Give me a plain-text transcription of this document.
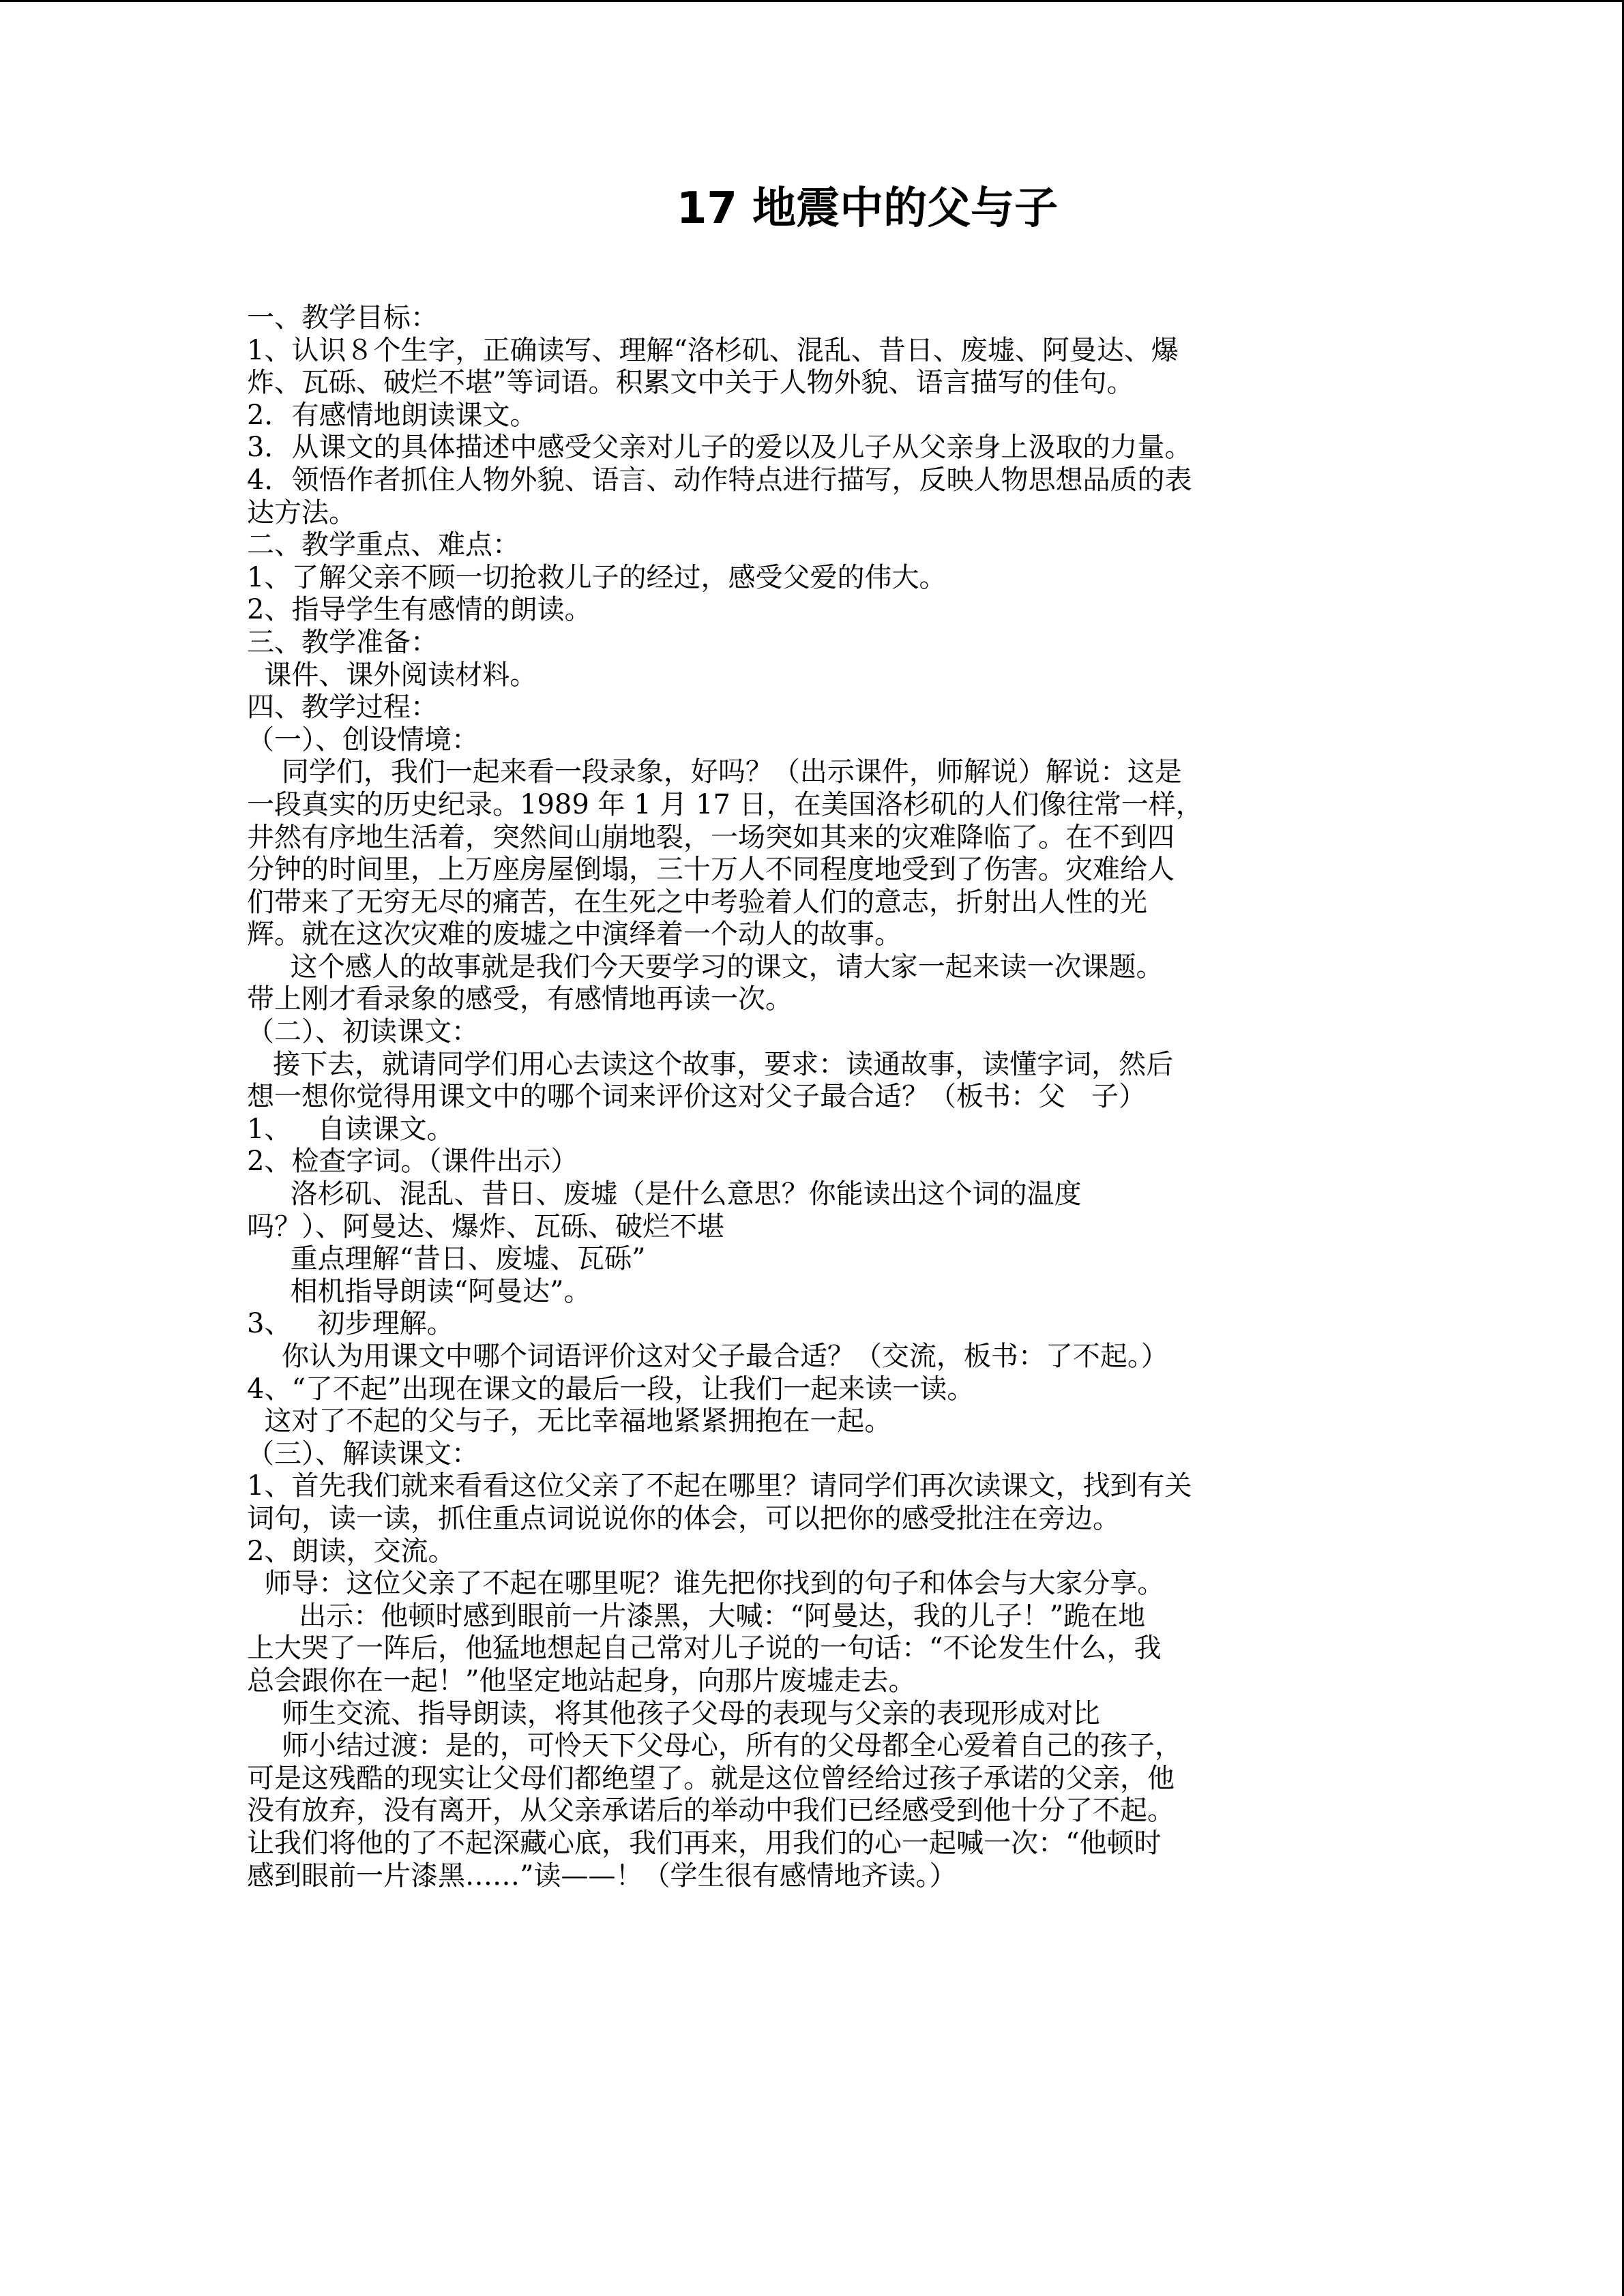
17 地震中的父与子
一、教学目标：
1、认识８个生字，正确读写、理解“洛杉矶、混乱、昔日、废墟、阿曼达、爆
炸、瓦砾、破烂不堪”等词语。积累文中关于人物外貌、语言描写的佳句。
2．有感情地朗读课文。
3．从课文的具体描述中感受父亲对儿子的爱以及儿子从父亲身上汲取的力量。
4．领悟作者抓住人物外貌、语言、动作特点进行描写，反映人物思想品质的表
达方法。
二、教学重点、难点：
1、了解父亲不顾一切抢救儿子的经过，感受父爱的伟大。
2、指导学生有感情的朗读。
三、教学准备：
课件、课外阅读材料。
四、教学过程：
（一）、创设情境：
同学们，我们一起来看一段录象，好吗？（出示课件，师解说）解说：这是
一段真实的历史纪录。1989 年 1 月 17 日，在美国洛杉矶的人们像往常一样，
井然有序地生活着，突然间山崩地裂，一场突如其来的灾难降临了。在不到四
分钟的时间里，上万座房屋倒塌，三十万人不同程度地受到了伤害。灾难给人
们带来了无穷无尽的痛苦，在生死之中考验着人们的意志，折射出人性的光
辉。就在这次灾难的废墟之中演绎着一个动人的故事。
这个感人的故事就是我们今天要学习的课文，请大家一起来读一次课题。
带上刚才看录象的感受，有感情地再读一次。
（二）、初读课文：
接下去，就请同学们用心去读这个故事，要求：读通故事，读懂字词，然后
想一想你觉得用课文中的哪个词来评价这对父子最合适？（板书：父   子）
1、   自读课文。
2、检查字词。（课件出示）
洛杉矶、混乱、昔日、废墟（是什么意思？你能读出这个词的温度
吗？）、阿曼达、爆炸、瓦砾、破烂不堪
重点理解“昔日、废墟、瓦砾”
相机指导朗读“阿曼达”。
3、   初步理解。
你认为用课文中哪个词语评价这对父子最合适？（交流，板书：了不起。）
4、“了不起”出现在课文的最后一段，让我们一起来读一读。
这对了不起的父与子，无比幸福地紧紧拥抱在一起。
（三）、解读课文：
1、首先我们就来看看这位父亲了不起在哪里？请同学们再次读课文，找到有关
词句，读一读，抓住重点词说说你的体会，可以把你的感受批注在旁边。
2、朗读，交流。
师导：这位父亲了不起在哪里呢？谁先把你找到的句子和体会与大家分享。
出示：他顿时感到眼前一片漆黑，大喊：“阿曼达，我的儿子！”跪在地
上大哭了一阵后，他猛地想起自己常对儿子说的一句话：“不论发生什么，我
总会跟你在一起！”他坚定地站起身，向那片废墟走去。
师生交流、指导朗读，将其他孩子父母的表现与父亲的表现形成对比
师小结过渡：是的，可怜天下父母心，所有的父母都全心爱着自己的孩子，
可是这残酷的现实让父母们都绝望了。就是这位曾经给过孩子承诺的父亲，他
没有放弃，没有离开，从父亲承诺后的举动中我们已经感受到他十分了不起。
让我们将他的了不起深藏心底，我们再来，用我们的心一起喊一次：“他顿时
感到眼前一片漆黑……”读——！（学生很有感情地齐读。）
